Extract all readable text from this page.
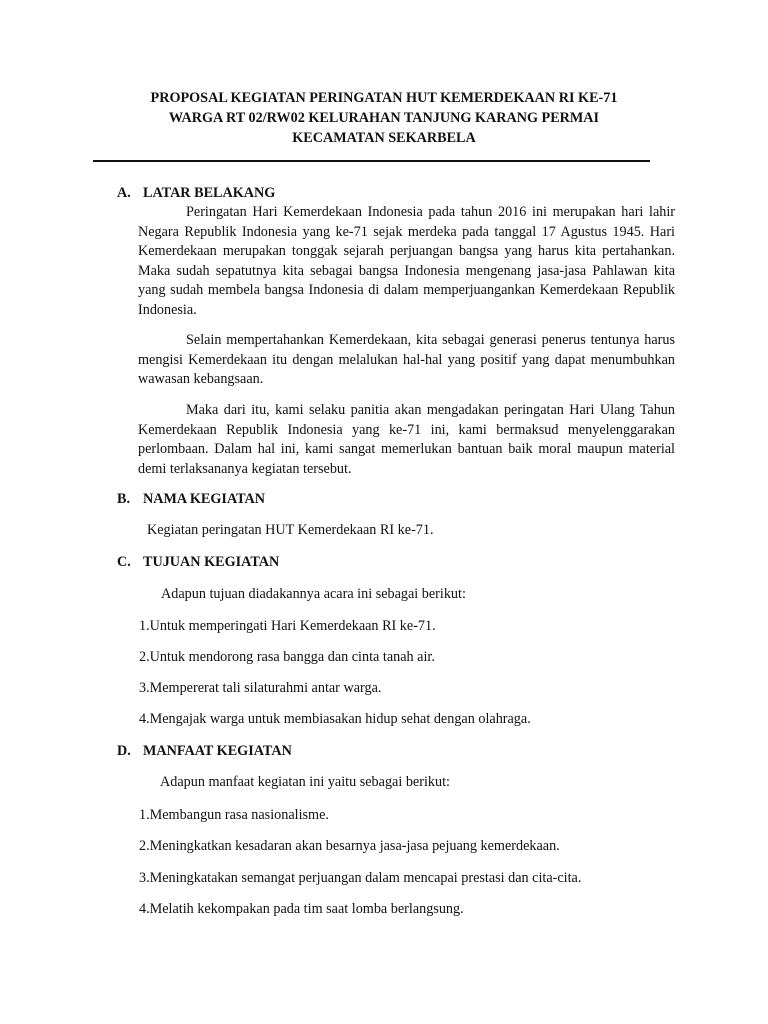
PROPOSAL KEGIATAN PERINGATAN HUT KEMERDEKAAN RI KE-71
WARGA RT 02/RW02 KELURAHAN TANJUNG KARANG PERMAI
KECAMATAN SEKARBELA
A. LATAR BELAKANG

Peringatan Hari Kemerdekaan Indonesia pada tahun 2016 ini merupakan hari lahir Negara Republik Indonesia yang ke-71 sejak merdeka pada tanggal 17 Agustus 1945. Hari Kemerdekaan merupakan tonggak sejarah perjuangan bangsa yang harus kita pertahankan. Maka sudah sepatutnya kita sebagai bangsa Indonesia mengenang jasa-jasa Pahlawan kita yang sudah membela bangsa Indonesia di dalam memperjuangankan Kemerdekaan Republik Indonesia.

Selain mempertahankan Kemerdekaan, kita sebagai generasi penerus tentunya harus mengisi Kemerdekaan itu dengan melalukan hal-hal yang positif yang dapat menumbuhkan wawasan kebangsaan.

Maka dari itu, kami selaku panitia akan mengadakan peringatan Hari Ulang Tahun Kemerdekaan Republik Indonesia yang ke-71 ini, kami bermaksud menyelenggarakan perlombaan. Dalam hal ini, kami sangat memerlukan bantuan baik moral maupun material demi terlaksananya kegiatan tersebut.

B. NAMA KEGIATAN
Kegiatan peringatan HUT Kemerdekaan RI ke-71.
C. TUJUAN KEGIATAN
Adapun tujuan diadakannya acara ini sebagai berikut:
1.Untuk memperingati Hari Kemerdekaan RI ke-71.
2.Untuk mendorong rasa bangga dan cinta tanah air.
3.Mempererat tali silaturahmi antar warga.
4.Mengajak warga untuk membiasakan hidup sehat dengan olahraga.
D. MANFAAT KEGIATAN
Adapun manfaat kegiatan ini yaitu sebagai berikut:
1.Membangun rasa nasionalisme.
2.Meningkatkan kesadaran akan besarnya jasa-jasa pejuang kemerdekaan.
3.Meningkatakan semangat perjuangan dalam mencapai prestasi dan cita-cita.
4.Melatih kekompakan pada tim saat lomba berlangsung.
